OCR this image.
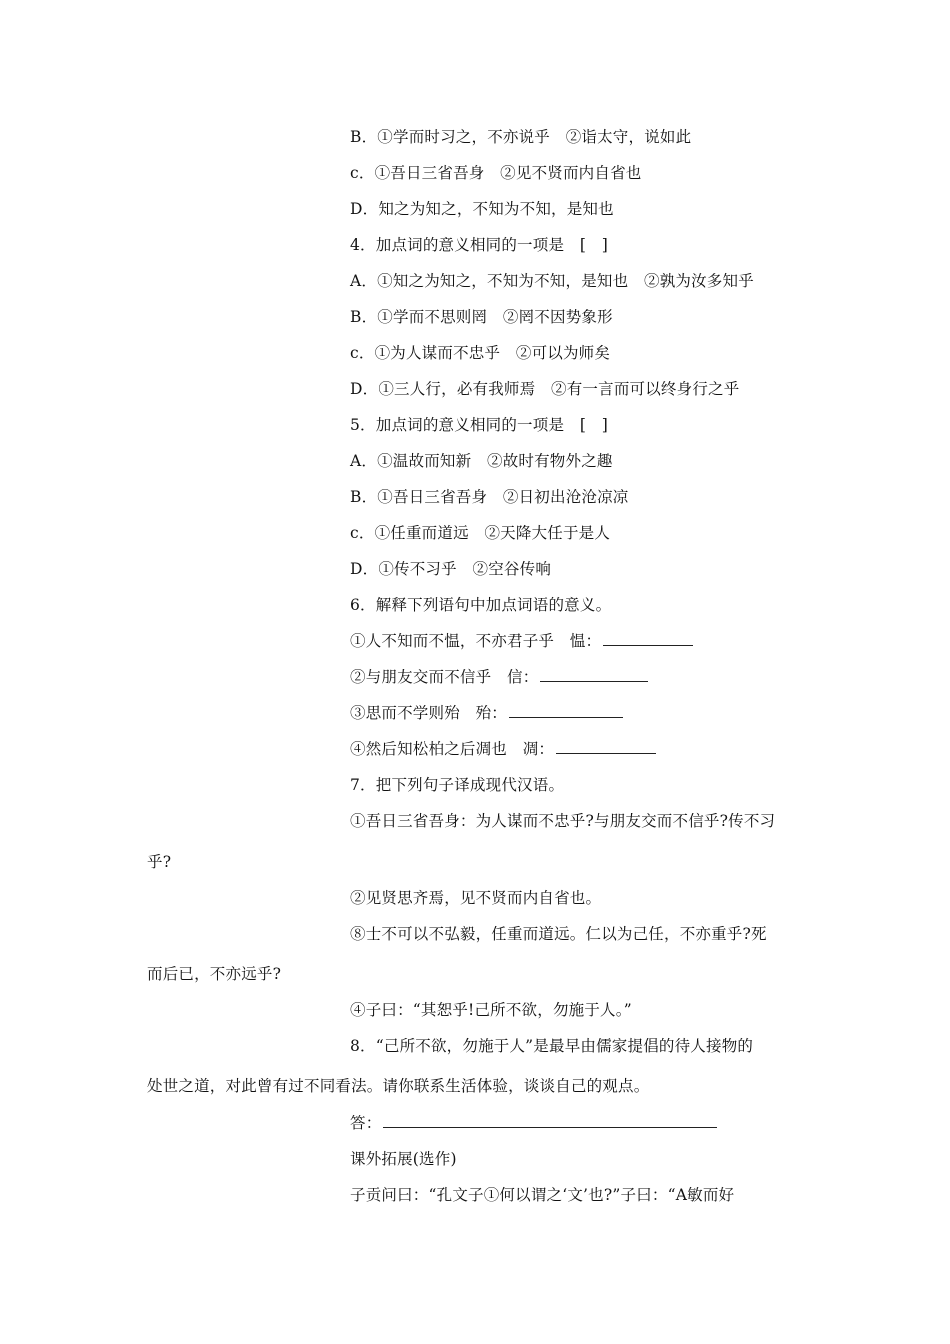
B．①学而时习之，不亦说乎　②诣太守，说如此
c．①吾日三省吾身　②见不贤而内自省也
D．知之为知之，不知为不知，是知也
4．加点词的意义相同的一项是　[　]
A．①知之为知之，不知为不知，是知也　②孰为汝多知乎
B．①学而不思则罔　②罔不因势象形
c．①为人谋而不忠乎　②可以为师矣
D．①三人行，必有我师焉　②有一言而可以终身行之乎
5．加点词的意义相同的一项是　[　]
A．①温故而知新　②故时有物外之趣
B．①吾日三省吾身　②日初出沧沧凉凉
c．①任重而道远　②天降大任于是人
D．①传不习乎　②空谷传响
6．解释下列语句中加点词语的意义。
①人不知而不愠，不亦君子乎　愠：
②与朋友交而不信乎　信：
③思而不学则殆　殆：
④然后知松柏之后凋也　凋：
7．把下列句子译成现代汉语。
①吾日三省吾身：为人谋而不忠乎?与朋友交而不信乎?传不习
乎?
②见贤思齐焉，见不贤而内自省也。
⑧士不可以不弘毅，任重而道远。仁以为己任，不亦重乎?死
而后已，不亦远乎?
④子曰：“其恕乎!己所不欲，勿施于人。”
8．“己所不欲，勿施于人”是最早由儒家提倡的待人接物的
处世之道，对此曾有过不同看法。请你联系生活体验，谈谈自己的观点。
答：
课外拓展(选作)
子贡问曰：“孔文子①何以谓之‘文’也?”子曰：“A敏而好
